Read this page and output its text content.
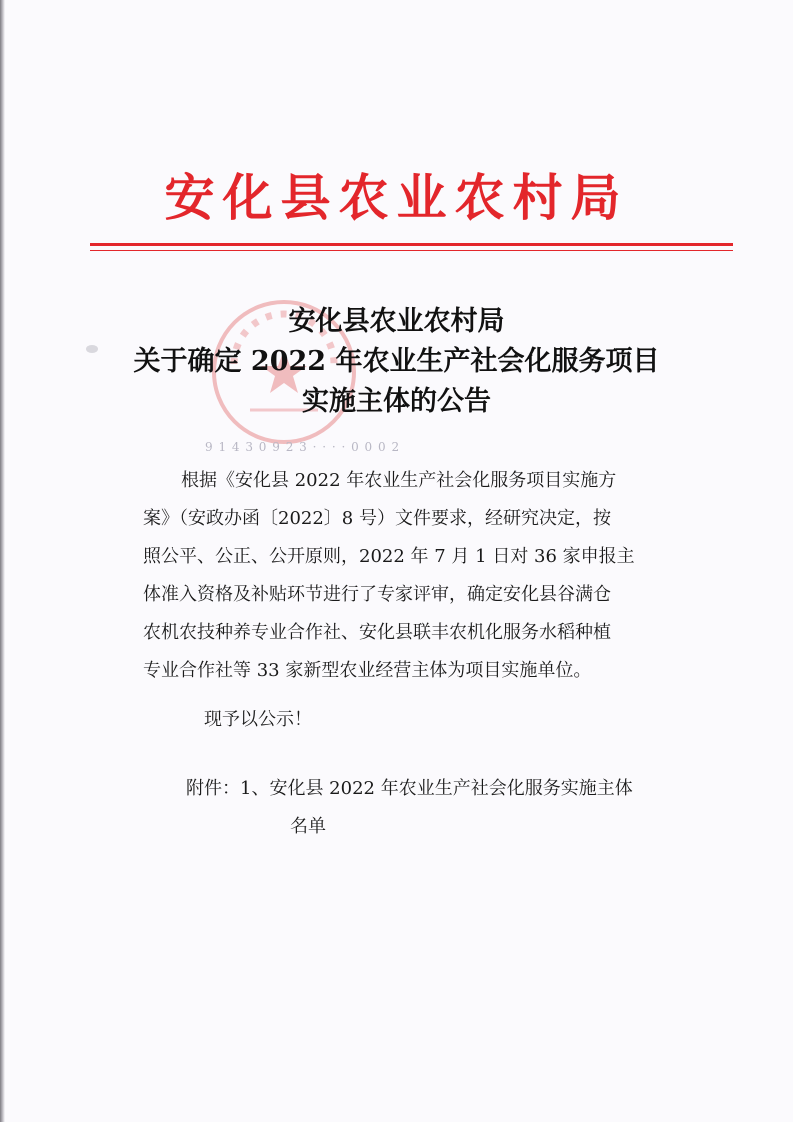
安化县农业农村局
9 1 4 3 0 9 2 3 · · · · 0 0 0 2
安化县农业农村局
关于确定 2022 年农业生产社会化服务项目
实施主体的公告
根据《安化县 2022 年农业生产社会化服务项目实施方
案》（安政办函〔2022〕8 号）文件要求，经研究决定，按
照公平、公正、公开原则，2022 年 7 月 1 日对 36 家申报主
体准入资格及补贴环节进行了专家评审，确定安化县谷满仓
农机农技种养专业合作社、安化县联丰农机化服务水稻种植
专业合作社等 33 家新型农业经营主体为项目实施单位。
现予以公示！
附件：1、安化县 2022 年农业生产社会化服务实施主体
名单
